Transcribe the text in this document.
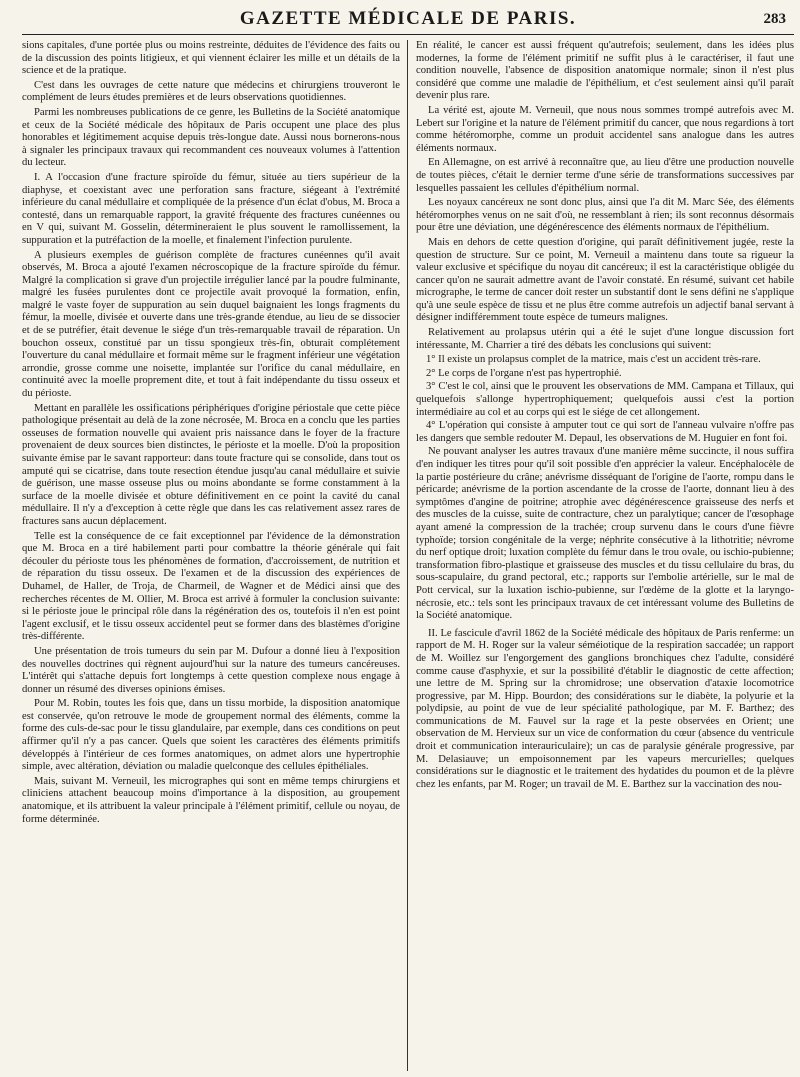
GAZETTE MÉDICALE DE PARIS.	283

sions capitales, d'une portée plus ou moins restreinte, déduites de l'évidence des faits ou de la discussion des points litigieux, et qui viennent éclairer les mille et un détails de la science et de la pratique.

C'est dans les ouvrages de cette nature que médecins et chirurgiens trouveront le complément de leurs études premières et de leurs observations quotidiennes.

Parmi les nombreuses publications de ce genre, les Bulletins de la Société anatomique et ceux de la Société médicale des hôpitaux de Paris occupent une place des plus honorables et légitimement acquise depuis très-longue date. Aussi nous bornerons-nous à signaler les principaux travaux qui recommandent ces nouveaux volumes à l'attention du lecteur.

I. A l'occasion d'une fracture spiroïde du fémur, située au tiers supérieur de la diaphyse, et coexistant avec une perforation sans fracture, siégeant à l'extrémité inférieure du canal médullaire et compliquée de la présence d'un éclat d'obus, M. Broca a contesté, dans un remarquable rapport, la gravité fréquente des fractures cunéennes ou en V qui, suivant M. Gosselin, détermineraient le plus souvent le ramollissement, la suppuration et la putréfaction de la moelle, et finalement l'infection purulente.

A plusieurs exemples de guérison complète de fractures cunéennes qu'il avait observés, M. Broca a ajouté l'examen nécroscopique de la fracture spiroïde du fémur. Malgré la complication si grave d'un projectile irrégulier lancé par la poudre fulminante, malgré les fusées purulentes dont ce projectile avait provoqué la formation, enfin, malgré le vaste foyer de suppuration au sein duquel baignaient les longs fragments du fémur, la moelle, divisée et ouverte dans une très-grande étendue, au lieu de se dissocier et de se putréfier, était devenue le siége d'un très-remarquable travail de réparation. Un bouchon osseux, constitué par un tissu spongieux très-fin, obturait complétement l'ouverture du canal médullaire et formait même sur le fragment inférieur une végétation arrondie, grosse comme une noisette, implantée sur l'orifice du canal médullaire, en continuité avec la moelle proprement dite, et tout à fait indépendante du tissu osseux et du périoste.

Mettant en parallèle les ossifications périphériques d'origine périostale que cette pièce pathologique présentait au delà de la zone nécrosée, M. Broca en a conclu que les parties osseuses de formation nouvelle qui avaient pris naissance dans le foyer de la fracture provenaient de deux sources bien distinctes, le périoste et la moelle. D'où la proposition suivante émise par le savant rapporteur: dans toute fracture qui se consolide, dans tout os amputé qui se cicatrise, dans toute resection étendue jusqu'au canal médullaire et suivie de guérison, une masse osseuse plus ou moins abondante se forme constamment à la surface de la moelle divisée et obture définitivement en ce point la cavité du canal médullaire. Il n'y a d'exception à cette règle que dans les cas relativement assez rares de fractures sans aucun déplacement.

Telle est la conséquence de ce fait exceptionnel par l'évidence de la démonstration que M. Broca en a tiré habilement parti pour combattre la théorie générale qui fait découler du périoste tous les phénomènes de formation, d'accroissement, de nutrition et de réparation du tissu osseux. De l'examen et de la discussion des expériences de Duhamel, de Haller, de Troja, de Charmeil, de Wagner et de Médici ainsi que des recherches récentes de M. Ollier, M. Broca est arrivé à formuler la conclusion suivante: si le périoste joue le principal rôle dans la régénération des os, toutefois il n'en est point l'agent exclusif, et le tissu osseux accidentel peut se former dans des blastèmes d'origine très-différente.

Une présentation de trois tumeurs du sein par M. Dufour a donné lieu à l'exposition des nouvelles doctrines qui règnent aujourd'hui sur la nature des tumeurs cancéreuses. L'intérêt qui s'attache depuis fort longtemps à cette question complexe nous engage à donner un résumé des diverses opinions émises.

Pour M. Robin, toutes les fois que, dans un tissu morbide, la disposition anatomique est conservée, qu'on retrouve le mode de groupement normal des éléments, comme la forme des culs-de-sac pour le tissu glandulaire, par exemple, dans ces conditions on peut affirmer qu'il n'y a pas cancer. Quels que soient les caractères des éléments primitifs développés à l'intérieur de ces formes anatomiques, on admet alors une hypertrophie simple, avec altération, déviation ou maladie quelconque des cellules épithéliales.

Mais, suivant M. Verneuil, les micrographes qui sont en même temps chirurgiens et cliniciens attachent beaucoup moins d'importance à la disposition, au groupement anatomique, et ils attribuent la valeur principale à l'élément primitif, cellule ou noyau, de forme déterminée.

En réalité, le cancer est aussi fréquent qu'autrefois; seulement, dans les idées plus modernes, la forme de l'élément primitif ne suffit plus à le caractériser, il faut une condition nouvelle, l'absence de disposition anatomique normale; sinon il n'est plus considéré que comme une maladie de l'épithélium, et c'est seulement ainsi qu'il paraît devenir plus rare.

La vérité est, ajoute M. Verneuil, que nous nous sommes trompé autrefois avec M. Lebert sur l'origine et la nature de l'élément primitif du cancer, que nous regardions à tort comme hétéromorphe, comme un produit accidentel sans analogue dans les autres éléments normaux.

En Allemagne, on est arrivé à reconnaître que, au lieu d'être une production nouvelle de toutes pièces, c'était le dernier terme d'une série de transformations successives par lesquelles passaient les cellules d'épithélium normal.

Les noyaux cancéreux ne sont donc plus, ainsi que l'a dit M. Marc Sée, des éléments hétéromorphes venus on ne sait d'où, ne ressemblant à rien; ils sont reconnus désormais pour être une déviation, une dégénérescence des éléments normaux de l'épithélium.

Mais en dehors de cette question d'origine, qui paraît définitivement jugée, reste la question de structure. Sur ce point, M. Verneuil a maintenu dans toute sa rigueur la valeur exclusive et spécifique du noyau dit cancéreux; il est la caractéristique obligée du cancer qu'on ne saurait admettre avant de l'avoir constaté. En résumé, suivant cet habile micrographe, le terme de cancer doit rester un substantif dont le sens défini ne s'applique qu'à une seule espèce de tissu et ne plus être comme autrefois un adjectif banal servant à désigner indifféremment toute espèce de tumeurs malignes.

Relativement au prolapsus utérin qui a été le sujet d'une longue discussion fort intéressante, M. Charrier a tiré des débats les conclusions qui suivent:

1° Il existe un prolapsus complet de la matrice, mais c'est un accident très-rare.

2° Le corps de l'organe n'est pas hypertrophié.

3° C'est le col, ainsi que le prouvent les observations de MM. Campana et Tillaux, qui quelquefois s'allonge hypertrophiquement; quelquefois aussi c'est la portion intermédiaire au col et au corps qui est le siége de cet allongement.

4° L'opération qui consiste à amputer tout ce qui sort de l'anneau vulvaire n'offre pas les dangers que semble redouter M. Depaul, les observations de M. Huguier en font foi.

Ne pouvant analyser les autres travaux d'une manière même succincte, il nous suffira d'en indiquer les titres pour qu'il soit possible d'en apprécier la valeur. Encéphalocèle de la partie postérieure du crâne; anévrisme disséquant de l'origine de l'aorte, rompu dans le péricarde; anévrisme de la portion ascendante de la crosse de l'aorte, donnant lieu à des symptômes d'angine de poitrine; atrophie avec dégénérescence graisseuse des nerfs et des muscles de la cuisse, suite de contracture, chez un paralytique; cancer de l'œsophage ayant amené la compression de la trachée; croup survenu dans le cours d'une fièvre typhoïde; torsion congénitale de la verge; néphrite consécutive à la lithotritie; névrome du nerf optique droit; luxation complète du fémur dans le trou ovale, ou ischio-pubienne; transformation fibro-plastique et graisseuse des muscles et du tissu cellulaire du bras, du sous-scapulaire, du grand pectoral, etc.; rapports sur l'embolie artérielle, sur le mal de Pott cervical, sur la luxation ischio-pubienne, sur l'œdème de la glotte et la laryngo-nécrosie, etc.: tels sont les principaux travaux de cet intéressant volume des Bulletins de la Société anatomique.

II. Le fascicule d'avril 1862 de la Société médicale des hôpitaux de Paris renferme: un rapport de M. H. Roger sur la valeur séméiotique de la respiration saccadée; un rapport de M. Woillez sur l'engorgement des ganglions bronchiques chez l'adulte, considéré comme cause d'asphyxie, et sur la possibilité d'établir le diagnostic de cette affection; une lettre de M. Spring sur la chromidrose; une observation d'ataxie locomotrice progressive, par M. Hipp. Bourdon; des considérations sur le diabète, la polyurie et la polydipsie, au point de vue de leur spécialité pathologique, par M. F. Barthez; des communications de M. Fauvel sur la rage et la peste observées en Orient; une observation de M. Hervieux sur un vice de conformation du cœur (absence du ventricule droit et communication interauriculaire); un cas de paralysie générale progressive, par M. Delasiauve; un empoisonnement par les vapeurs mercurielles; quelques considérations sur le diagnostic et le traitement des hydatides du poumon et de la plèvre chez les enfants, par M. Roger; un travail de M. E. Barthez sur la vaccination des nou-
